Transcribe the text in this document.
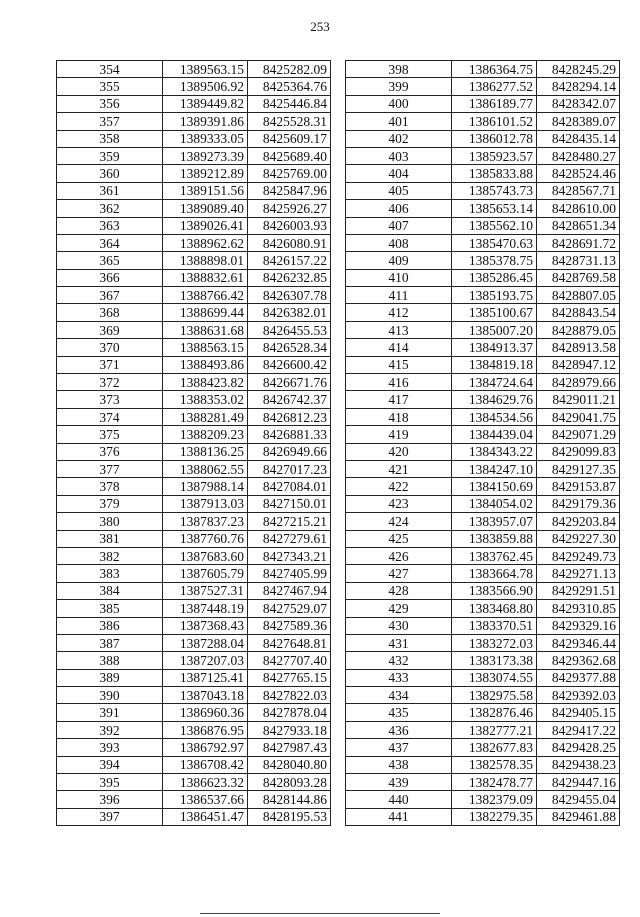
253
354	1389563.15	8425282.09
355	1389506.92	8425364.76
356	1389449.82	8425446.84
357	1389391.86	8425528.31
358	1389333.05	8425609.17
359	1389273.39	8425689.40
360	1389212.89	8425769.00
361	1389151.56	8425847.96
362	1389089.40	8425926.27
363	1389026.41	8426003.93
364	1388962.62	8426080.91
365	1388898.01	8426157.22
366	1388832.61	8426232.85
367	1388766.42	8426307.78
368	1388699.44	8426382.01
369	1388631.68	8426455.53
370	1388563.15	8426528.34
371	1388493.86	8426600.42
372	1388423.82	8426671.76
373	1388353.02	8426742.37
374	1388281.49	8426812.23
375	1388209.23	8426881.33
376	1388136.25	8426949.66
377	1388062.55	8427017.23
378	1387988.14	8427084.01
379	1387913.03	8427150.01
380	1387837.23	8427215.21
381	1387760.76	8427279.61
382	1387683.60	8427343.21
383	1387605.79	8427405.99
384	1387527.31	8427467.94
385	1387448.19	8427529.07
386	1387368.43	8427589.36
387	1387288.04	8427648.81
388	1387207.03	8427707.40
389	1387125.41	8427765.15
390	1387043.18	8427822.03
391	1386960.36	8427878.04
392	1386876.95	8427933.18
393	1386792.97	8427987.43
394	1386708.42	8428040.80
395	1386623.32	8428093.28
396	1386537.66	8428144.86
397	1386451.47	8428195.53
398	1386364.75	8428245.29
399	1386277.52	8428294.14
400	1386189.77	8428342.07
401	1386101.52	8428389.07
402	1386012.78	8428435.14
403	1385923.57	8428480.27
404	1385833.88	8428524.46
405	1385743.73	8428567.71
406	1385653.14	8428610.00
407	1385562.10	8428651.34
408	1385470.63	8428691.72
409	1385378.75	8428731.13
410	1385286.45	8428769.58
411	1385193.75	8428807.05
412	1385100.67	8428843.54
413	1385007.20	8428879.05
414	1384913.37	8428913.58
415	1384819.18	8428947.12
416	1384724.64	8428979.66
417	1384629.76	8429011.21
418	1384534.56	8429041.75
419	1384439.04	8429071.29
420	1384343.22	8429099.83
421	1384247.10	8429127.35
422	1384150.69	8429153.87
423	1384054.02	8429179.36
424	1383957.07	8429203.84
425	1383859.88	8429227.30
426	1383762.45	8429249.73
427	1383664.78	8429271.13
428	1383566.90	8429291.51
429	1383468.80	8429310.85
430	1383370.51	8429329.16
431	1383272.03	8429346.44
432	1383173.38	8429362.68
433	1383074.55	8429377.88
434	1382975.58	8429392.03
435	1382876.46	8429405.15
436	1382777.21	8429417.22
437	1382677.83	8429428.25
438	1382578.35	8429438.23
439	1382478.77	8429447.16
440	1382379.09	8429455.04
441	1382279.35	8429461.88
